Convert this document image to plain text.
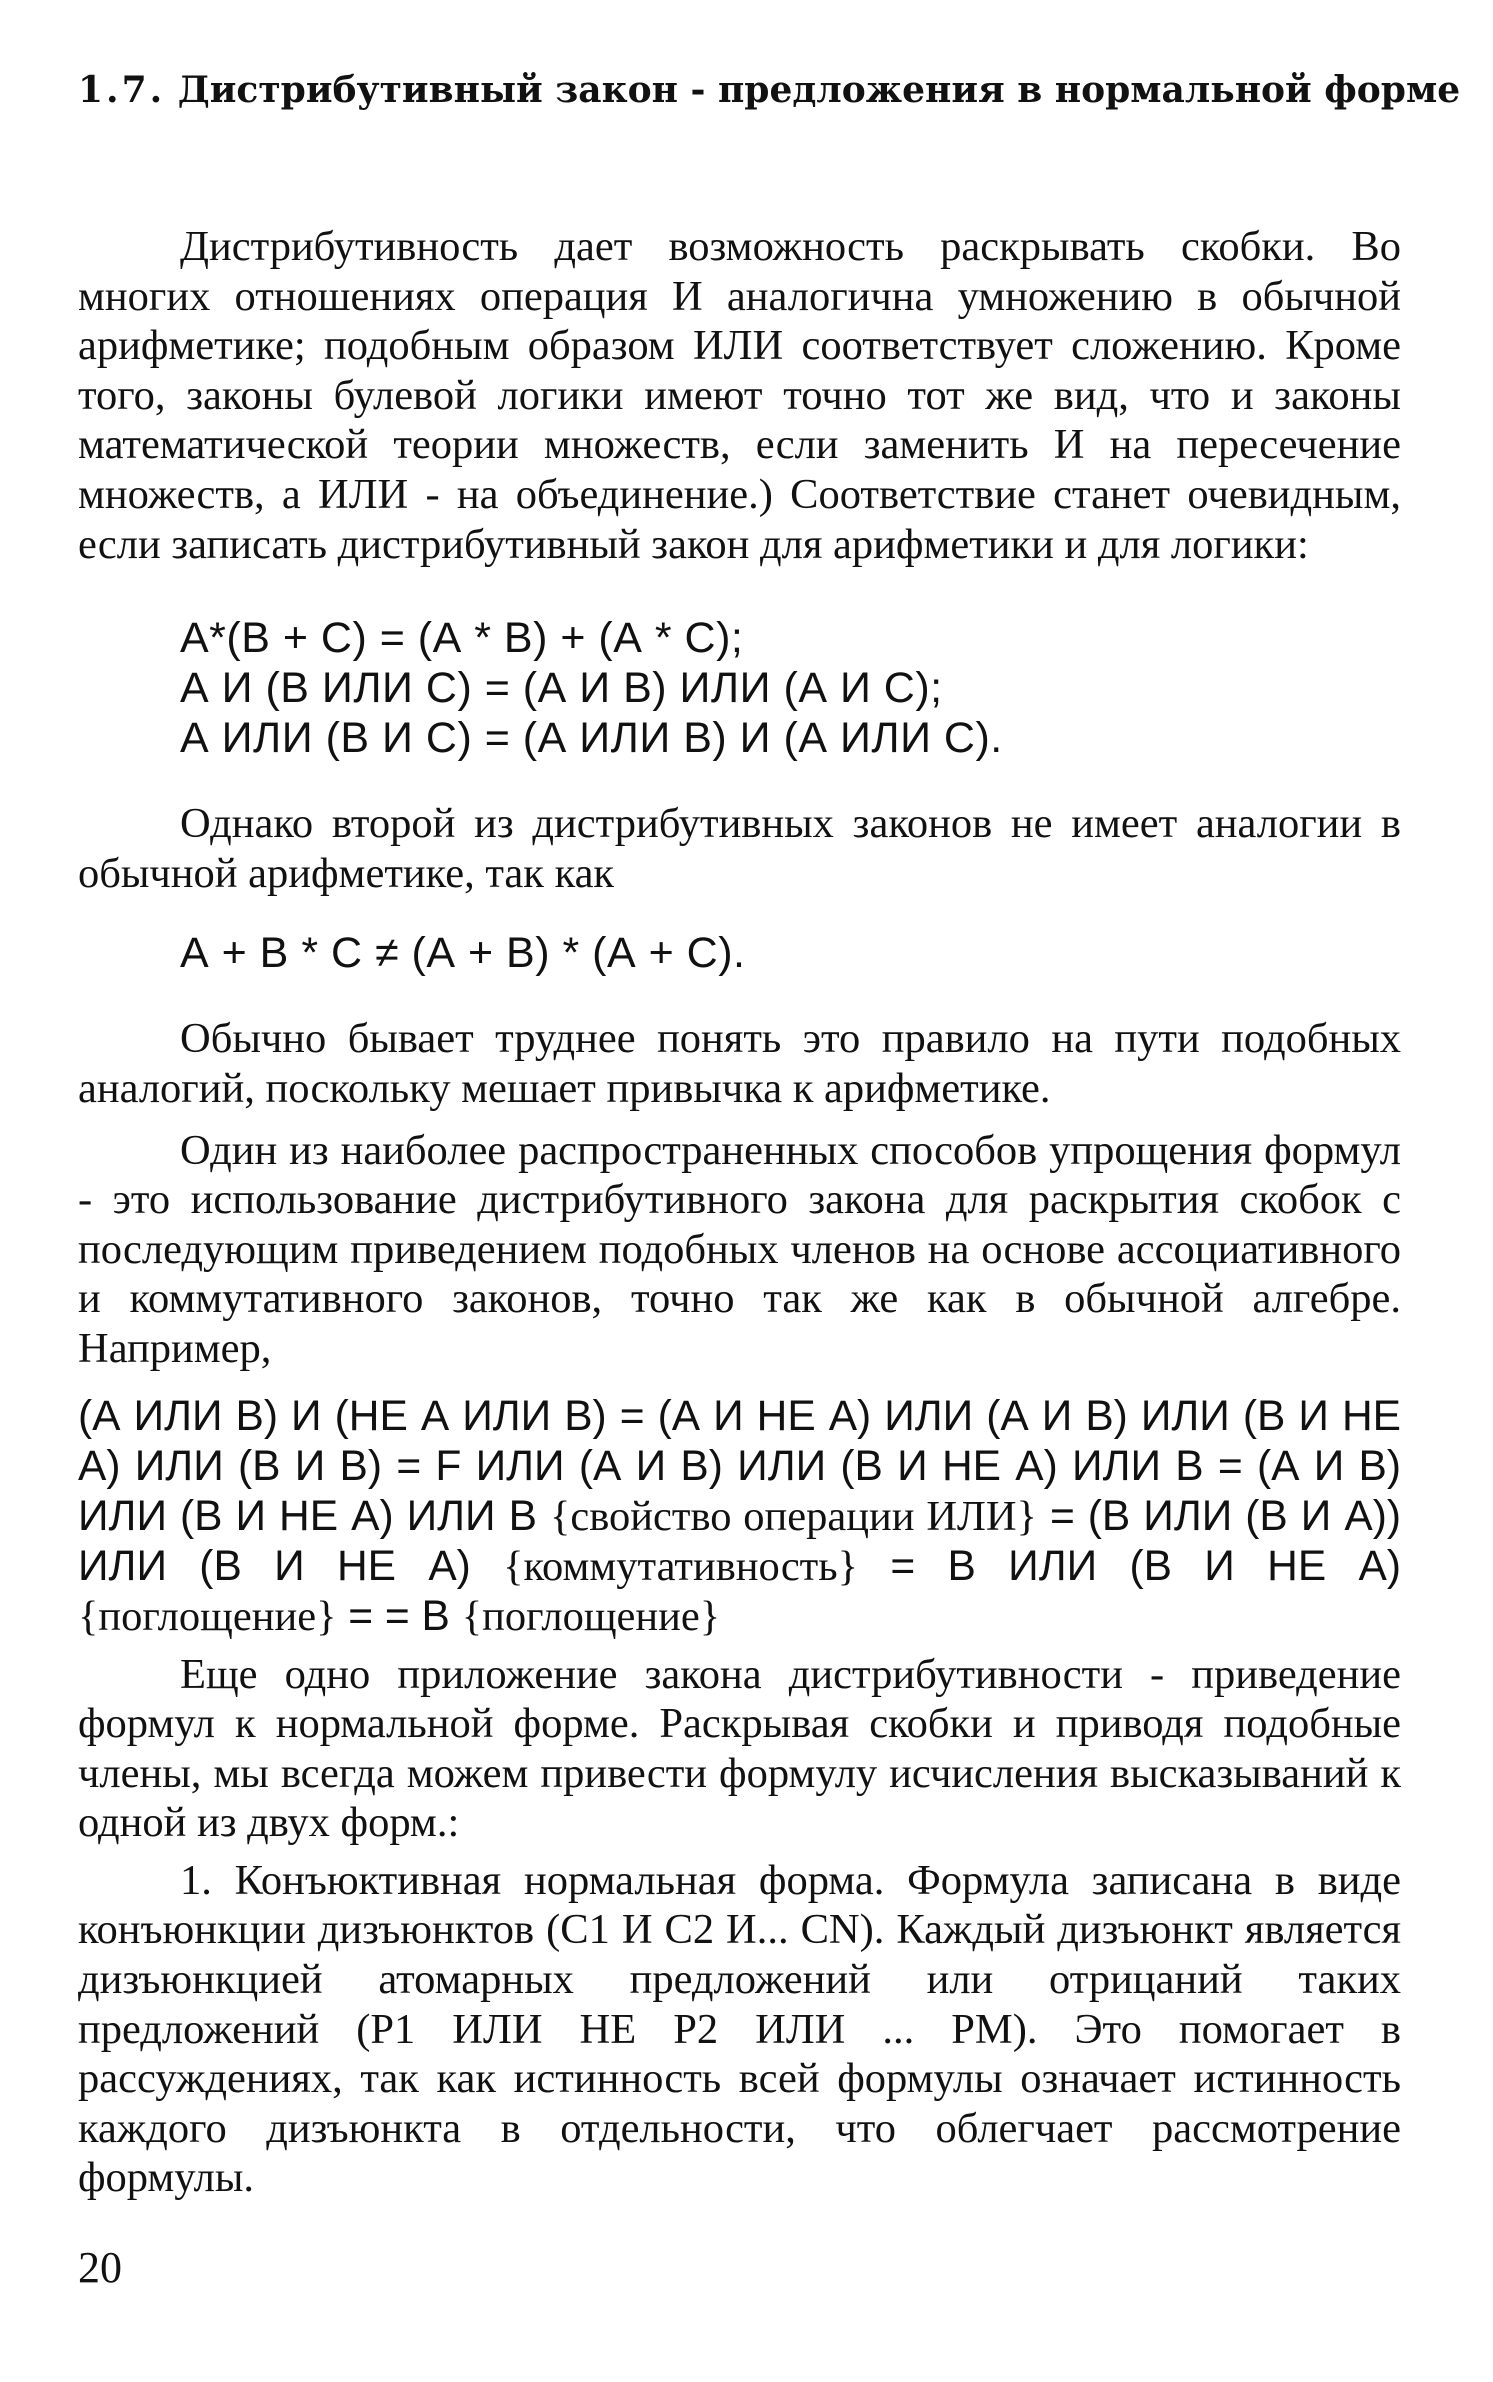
1.7. Дистрибутивный закон - предложения в нормальной форме

Дистрибутивность дает возможность раскрывать скобки. Во многих отношениях операция И аналогична умножению в обычной арифметике; подобным образом ИЛИ соответствует сложению. Кроме того, законы булевой логики имеют точно тот же вид, что и законы математической теории множеств, если заменить И на пересечение множеств, а ИЛИ - на объединение.) Соответствие станет очевидным, если записать дистрибутивный закон для арифметики и для логики:

А*(В + С) = (А * В) + (А * С);
А И (В ИЛИ С) = (А И В) ИЛИ (А И С);
А ИЛИ (В И С) = (А ИЛИ В) И (А ИЛИ С).

Однако второй из дистрибутивных законов не имеет аналогии в обычной арифметике, так как

А + В * С ≠ (А + В) * (А + С).

Обычно бывает труднее понять это правило на пути подобных аналогий, поскольку мешает привычка к арифметике.

Один из наиболее распространенных способов упрощения формул - это использование дистрибутивного закона для раскрытия скобок с последующим приведением подобных членов на основе ассоциативного и коммутативного законов, точно так же как в обычной алгебре. Например,

(А ИЛИ В) И (НЕ А ИЛИ В) = (А И НЕ А) ИЛИ (А И В) ИЛИ (В И НЕ А) ИЛИ (В И В) = F ИЛИ (А И В) ИЛИ (В И НЕ А) ИЛИ В = (А И В) ИЛИ (В И НЕ А) ИЛИ В {свойство операции ИЛИ} = (В ИЛИ (В И А)) ИЛИ (В И НЕ А) {коммутативность} = В ИЛИ (В И НЕ А) {поглощение} = = В {поглощение}

Еще одно приложение закона дистрибутивности - приведение формул к нормальной форме. Раскрывая скобки и приводя подобные члены, мы всегда можем привести формулу исчисления высказываний к одной из двух форм.:

1. Конъюктивная нормальная форма. Формула записана в виде конъюнкции дизъюнктов (С1 И С2 И... СN). Каждый дизъюнкт является дизъюнкцией атомарных предложений или отрицаний таких предложений (Р1 ИЛИ НЕ Р2 ИЛИ ... РМ). Это помогает в рассуждениях, так как истинность всей формулы означает истинность каждого дизъюнкта в отдельности, что облегчает рассмотрение формулы.

20
